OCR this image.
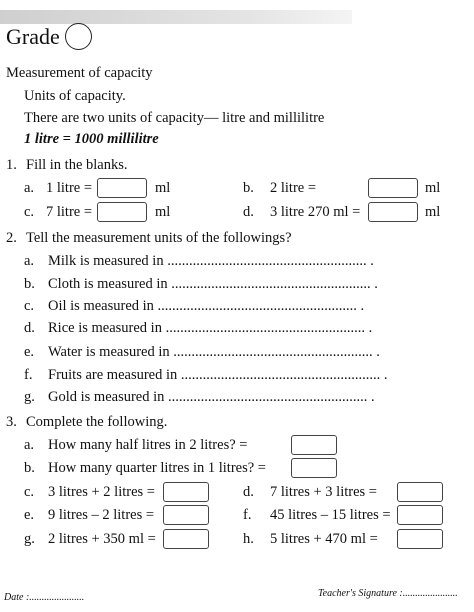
Grade
Measurement of capacity
Units of capacity.
There are two units of capacity— litre and millilitre
1 litre = 1000 millilitre
1. Fill in the blanks.
a. 1 litre =	ml	b. 2 litre =	ml
c. 7 litre =	ml	d. 3 litre 270 ml =	ml
2. Tell the measurement units of the followings?
a. Milk is measured in ....................................................... .
b. Cloth is measured in ....................................................... .
c. Oil is measured in ....................................................... .
d. Rice is measured in ....................................................... .
e. Water is measured in ....................................................... .
f. Fruits are measured in ....................................................... .
g. Gold is measured in ....................................................... .
3. Complete the following.
a. How many half litres in 2 litres? =
b. How many quarter litres in 1 litres? =
c. 3 litres + 2 litres =	d. 7 litres + 3 litres =
e. 9 litres – 2 litres =	f. 45 litres – 15 litres =
g. 2 litres + 350 ml =	h. 5 litres + 470 ml =
Date :......................	Teacher's Signature :......................
